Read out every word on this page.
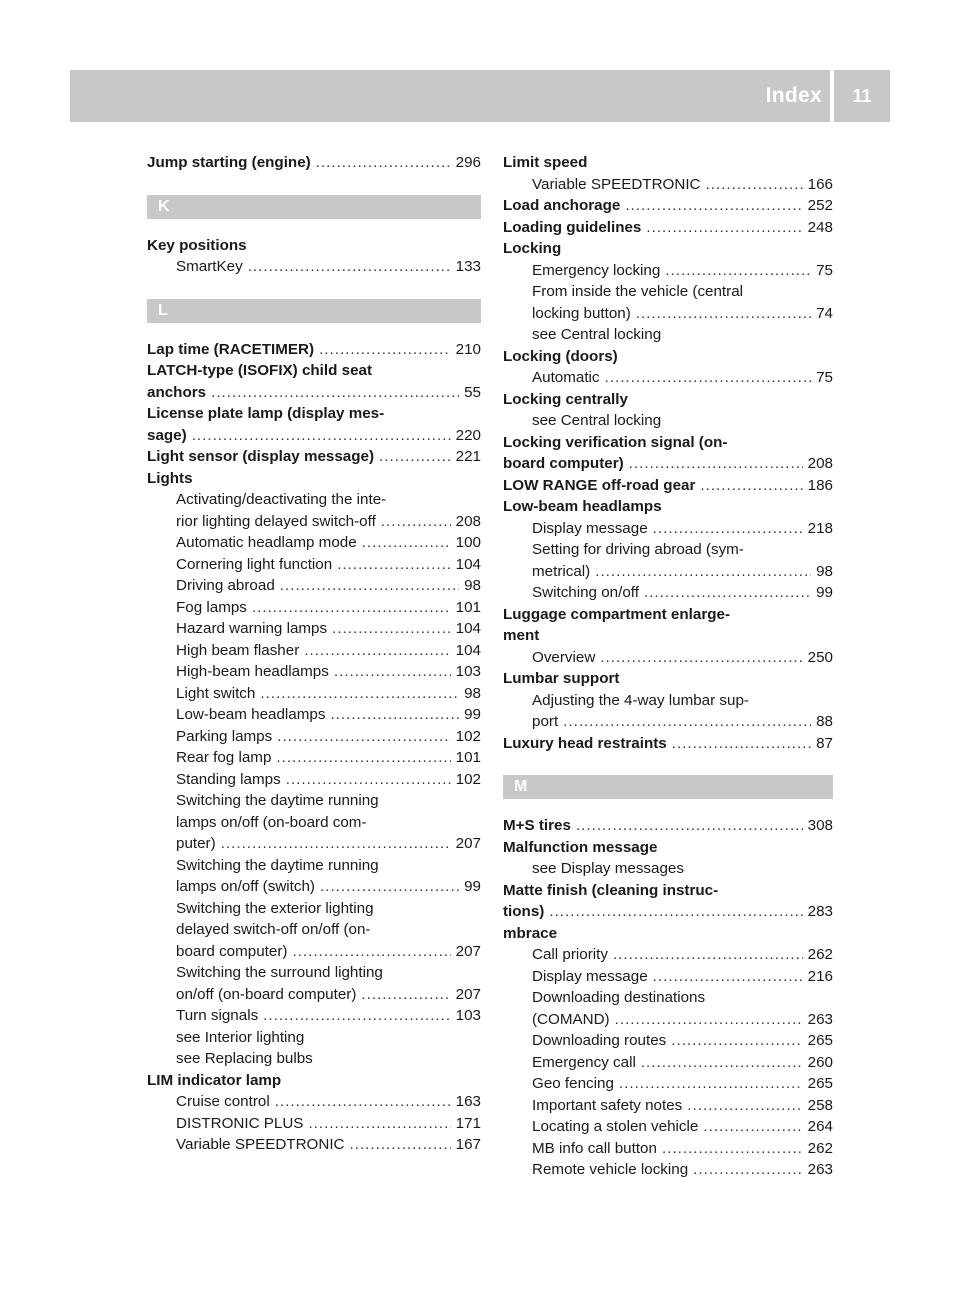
Index	11
Jump starting (engine) .....	296
K
Key positions
SmartKey .....	133
L
Lap time (RACETIMER) .....	210
LATCH-type (ISOFIX) child seat
anchors .....	55
License plate lamp (display mes-
sage) .....	220
Light sensor (display message) .....	221
Lights
Activating/deactivating the inte-
rior lighting delayed switch-off .....	208
Automatic headlamp mode .....	100
Cornering light function .....	104
Driving abroad .....	98
Fog lamps .....	101
Hazard warning lamps .....	104
High beam flasher .....	104
High-beam headlamps .....	103
Light switch .....	98
Low-beam headlamps .....	99
Parking lamps .....	102
Rear fog lamp .....	101
Standing lamps .....	102
Switching the daytime running
lamps on/off (on-board com-
puter) .....	207
Switching the daytime running
lamps on/off (switch) .....	99
Switching the exterior lighting
delayed switch-off on/off (on-
board computer) .....	207
Switching the surround lighting
on/off (on-board computer) .....	207
Turn signals .....	103
see Interior lighting
see Replacing bulbs
LIM indicator lamp
Cruise control .....	163
DISTRONIC PLUS .....	171
Variable SPEEDTRONIC .....	167
Limit speed
Variable SPEEDTRONIC .....	166
Load anchorage .....	252
Loading guidelines .....	248
Locking
Emergency locking .....	75
From inside the vehicle (central
locking button) .....	74
see Central locking
Locking (doors)
Automatic .....	75
Locking centrally
see Central locking
Locking verification signal (on-
board computer) .....	208
LOW RANGE off-road gear .....	186
Low-beam headlamps
Display message .....	218
Setting for driving abroad (sym-
metrical) .....	98
Switching on/off .....	99
Luggage compartment enlarge-
ment
Overview .....	250
Lumbar support
Adjusting the 4-way lumbar sup-
port .....	88
Luxury head restraints .....	87
M
M+S tires .....	308
Malfunction message
see Display messages
Matte finish (cleaning instruc-
tions) .....	283
mbrace
Call priority .....	262
Display message .....	216
Downloading destinations
(COMAND) .....	263
Downloading routes .....	265
Emergency call .....	260
Geo fencing .....	265
Important safety notes .....	258
Locating a stolen vehicle .....	264
MB info call button .....	262
Remote vehicle locking .....	263
